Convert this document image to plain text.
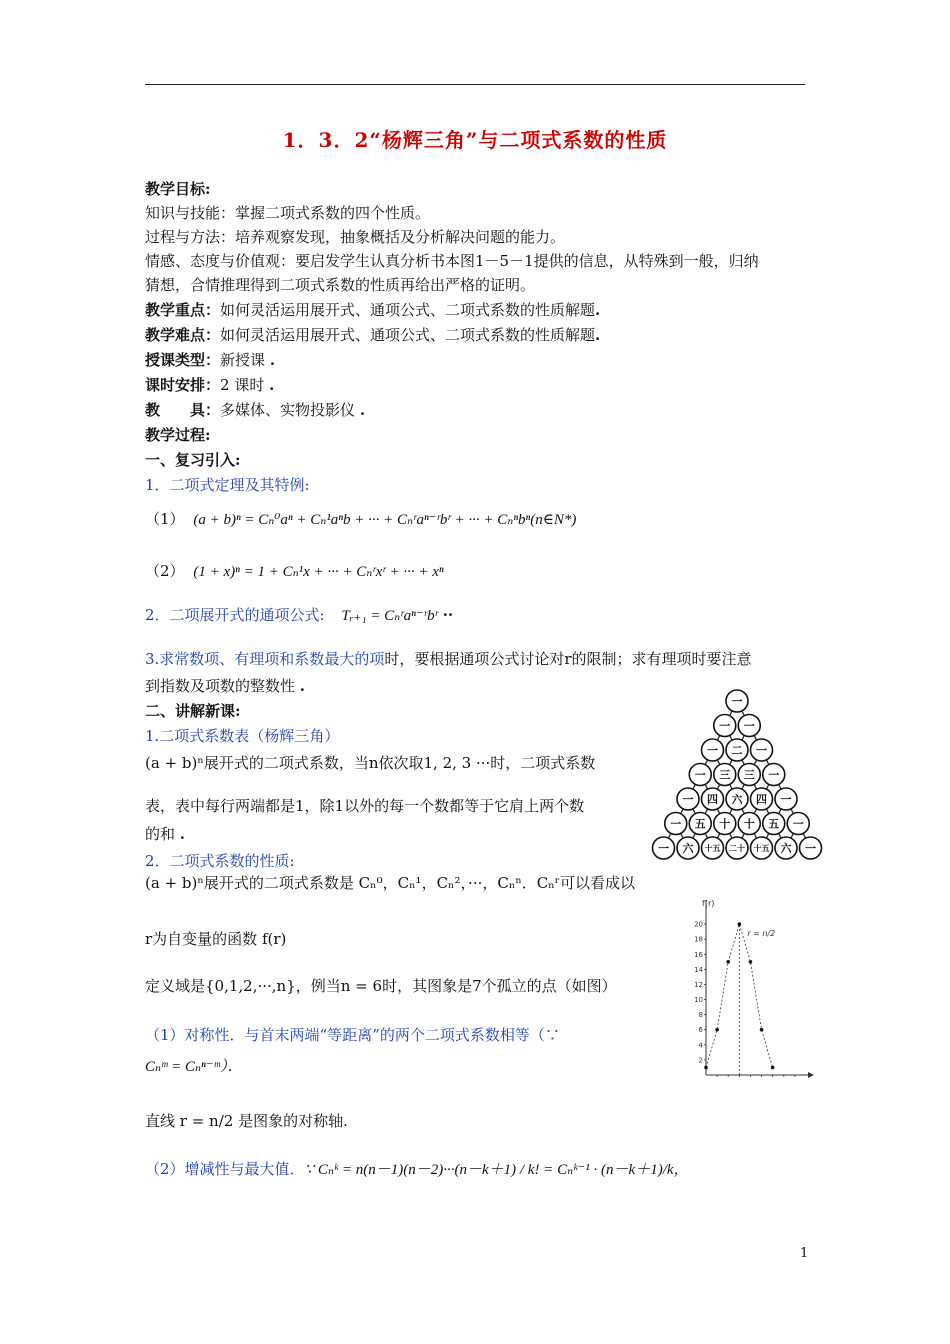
1．3．2“杨辉三角”与二项式系数的性质
教学目标:
知识与技能：掌握二项式系数的四个性质。
过程与方法：培养观察发现，抽象概括及分析解决问题的能力。
情感、态度与价值观：要启发学生认真分析书本图1－5－1提供的信息，从特殊到一般，归纳
猜想，合情推理得到二项式系数的性质再给出严格的证明。
教学重点：如何灵活运用展开式、通项公式、二项式系数的性质解题.
教学难点：如何灵活运用展开式、通项公式、二项式系数的性质解题.
授课类型：新授课 .
课时安排：2 课时 .
教　　具：多媒体、实物投影仪 .
教学过程:
一、复习引入:
1．二项式定理及其特例:
（1） (a + b)ⁿ = Cₙ⁰aⁿ + Cₙ¹aⁿb + ··· + Cₙʳaⁿ⁻ʳbʳ + ··· + Cₙⁿbⁿ(n∈N*)
（2） (1 + x)ⁿ = 1 + Cₙ¹x + ··· + Cₙʳxʳ + ··· + xⁿ
2．二项展开式的通项公式: Tᵣ₊₁ = Cₙʳaⁿ⁻ʳbʳ ··
3.求常数项、有理项和系数最大的项时，要根据通项公式讨论对r的限制；求有理项时要注意
到指数及项数的整数性 .
二、讲解新课:
1.二项式系数表（杨辉三角）
(a + b)ⁿ展开式的二项式系数，当n依次取1, 2, 3 ···时，二项式系数
表，表中每行两端都是1，除1以外的每一个数都等于它肩上两个数
的和 .
2．二项式系数的性质:
(a + b)ⁿ展开式的二项式系数是 Cₙ⁰，Cₙ¹，Cₙ²，···，Cₙⁿ．Cₙʳ可以看成以
r为自变量的函数 f(r)
定义域是{0,1,2,···,n}，例当n = 6时，其图象是7个孤立的点（如图）
（1）对称性．与首末两端“等距离”的两个二项式系数相等（∵
Cₙᵐ = Cₙⁿ⁻ᵐ）．
直线 r = n/2 是图象的对称轴.
（2）增减性与最大值．∵ Cₙᵏ = n(n－1)(n－2)···(n－k＋1) / k! = Cₙᵏ⁻¹ · (n－k＋1)/k，
一
一 一
一 二 一
一 三 三 一
一 四 六 四 一
一 五 十 十 五 一
一 六 十五 二十 十五 六 一
f(r)
2
4
6
8
10
12
14
16
18
20
r = n/2
1
